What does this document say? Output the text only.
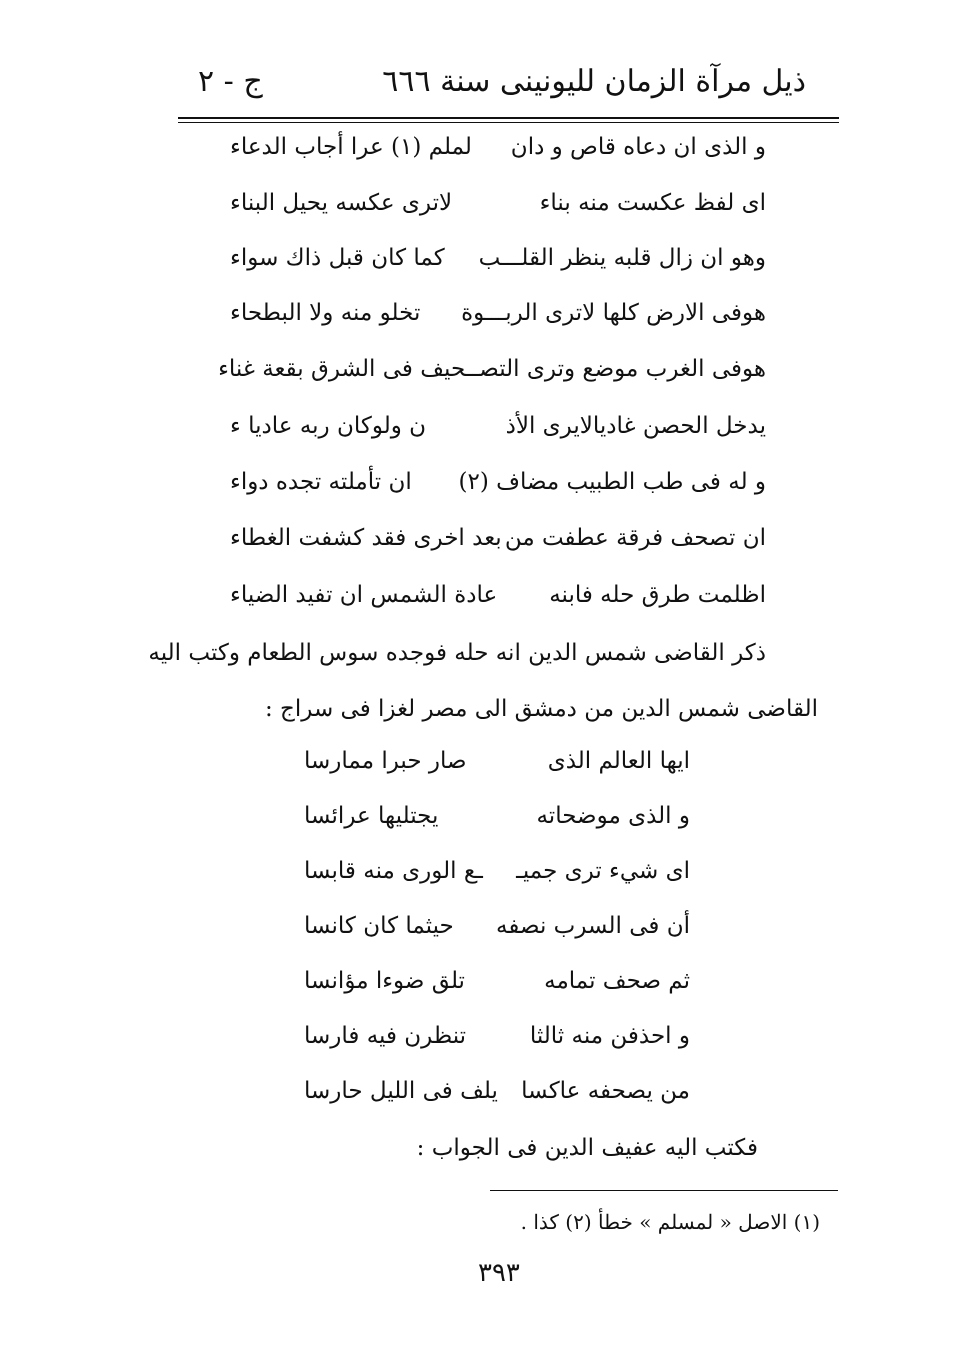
ذيل مرآة الزمان لليونينى سنة ٦٦٦
ج - ٢
و الذى ان دعاه قاص و دان
لملم (١) عرا أجاب الدعاء
اى لفظ عكست منه بناء
لاترى عكسه يحيل البناء
وهو ان زال قلبه ينظر القلـــب
كما كان قبل ذاك سواء
هوفى الارض كلها لاترى الربـــوة
تخلو منه ولا البطحاء
هوفى الغرب موضع وترى التصـ
ـحيف فى الشرق بقعة غناء
يدخل الحصن غاديالايرى الأذ
ن ولوكان ربه عاديا ء
و له فى طب الطبيب مضاف (٢)
ان تأملته تجده دواء
ان تصحف فرقة عطفت من
بعد اخرى فقد كشفت الغطاء
اظلمت طرق حله فابنه
عادة الشمس ان تفيد الضياء
ذكر القاضى شمس الدين انه حله فوجده سوس الطعام وكتب اليه
القاضى شمس الدين من دمشق الى مصر لغزا فى سراج :
ايها العالم الذى
صار حبرا ممارسا
و الذى موضحاته
يجتليها عرائسا
اى شيء ترى جميـ
ـع الورى منه قابسا
أن فى السرب نصفه
حيثما كان كانسا
ثم صحف تمامه
تلق ضوءا مؤانسا
و احذفن منه ثالثا
تنظرن فيه فارسا
من يصحفه عاكسا
يلف فى الليل حارسا
فكتب اليه عفيف الدين فى الجواب :
(١) الاصل « لمسلم » خطأ (٢) كذا .
٣٩٣
